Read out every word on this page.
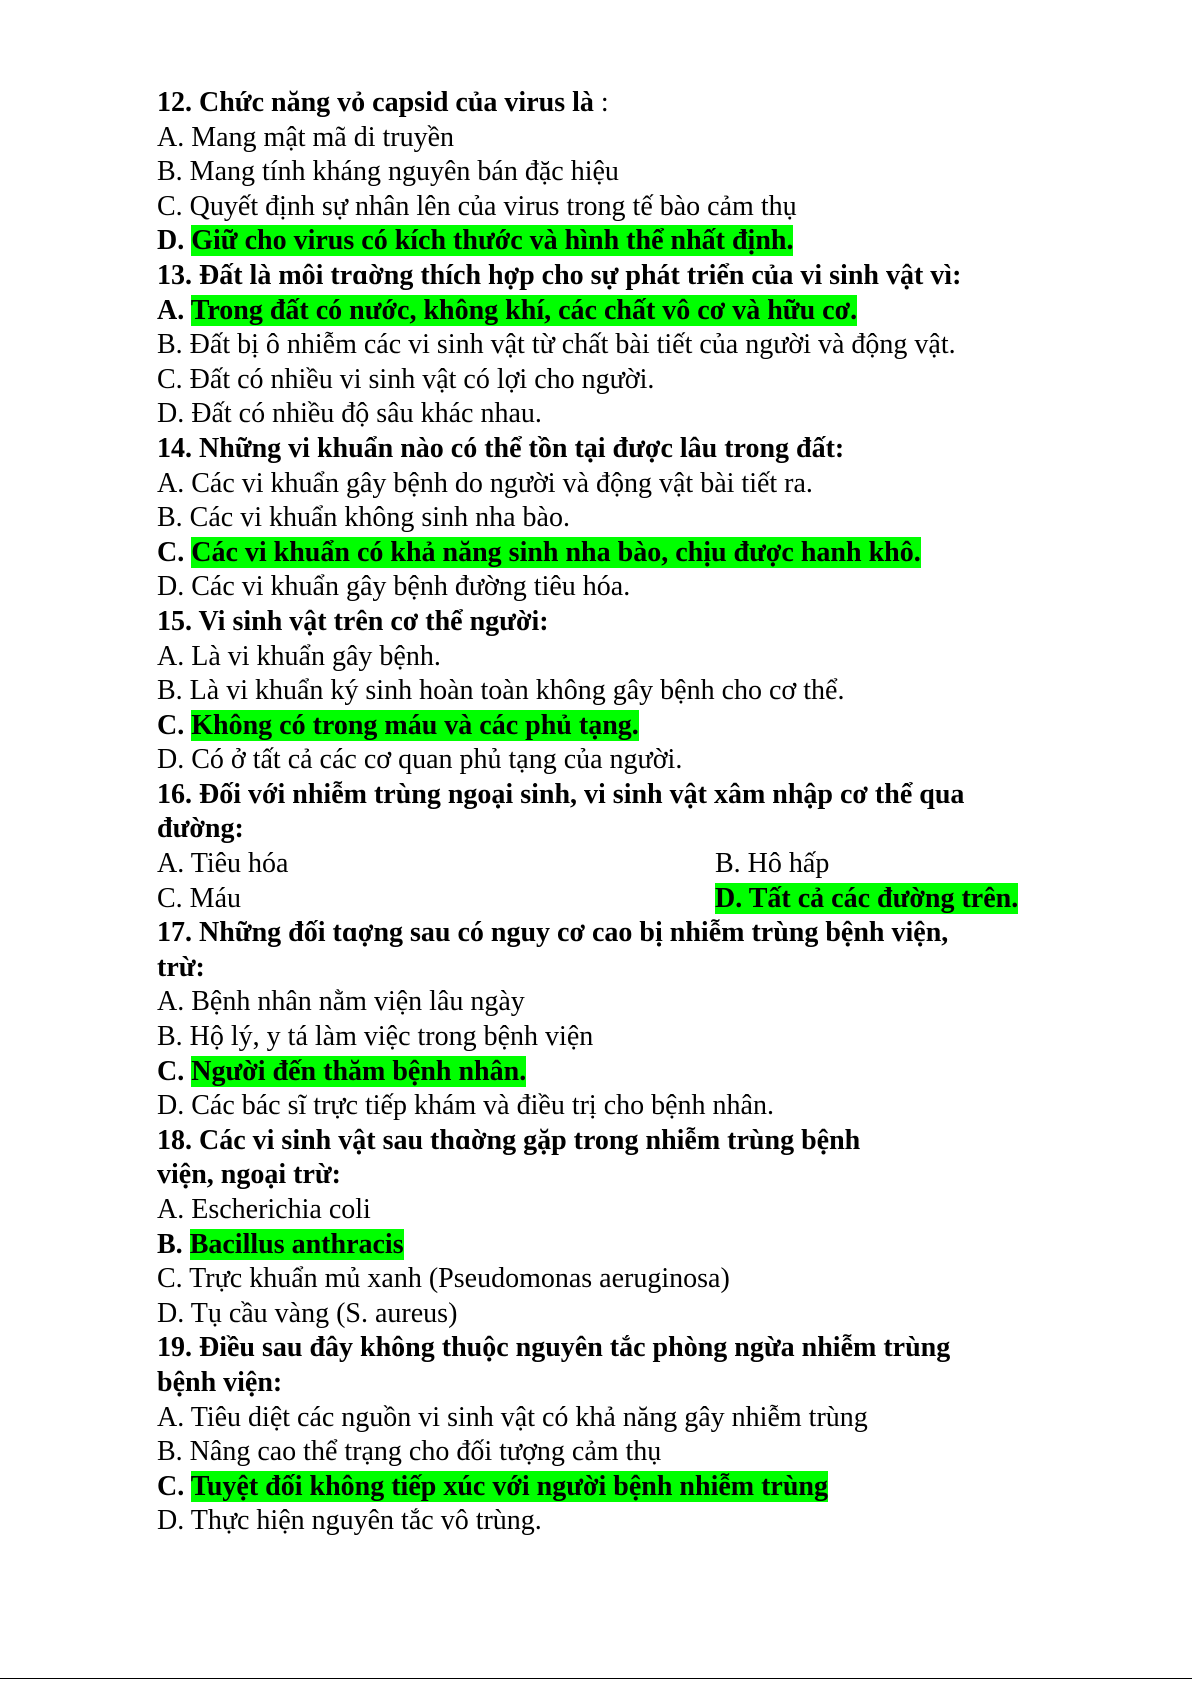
12. Chức năng vỏ capsid của virus là :
A. Mang mật mã di truyền
B. Mang tính kháng nguyên bán đặc hiệu
C. Quyết định sự nhân lên của virus trong tế bào cảm thụ
D. Giữ cho virus có kích thước và hình thể nhất định.
13. Đất là môi trɑờng thích hợp cho sự phát triển của vi sinh vật vì:
A. Trong đất có nước, không khí, các chất vô cơ và hữu cơ.
B. Đất bị ô nhiễm các vi sinh vật từ chất bài tiết của người và động vật.
C. Đất có nhiều vi sinh vật có lợi cho người.
D. Đất có nhiều độ sâu khác nhau.
14. Những vi khuẩn nào có thể tồn tại được lâu trong đất:
A. Các vi khuẩn gây bệnh do người và động vật bài tiết ra.
B. Các vi khuẩn không sinh nha bào.
C. Các vi khuẩn có khả năng sinh nha bào, chịu được hanh khô.
D. Các vi khuẩn gây bệnh đường tiêu hóa.
15. Vi sinh vật trên cơ thể người:
A. Là vi khuẩn gây bệnh.
B. Là vi khuẩn ký sinh hoàn toàn không gây bệnh cho cơ thể.
C. Không có trong máu và các phủ tạng.
D. Có ở tất cả các cơ quan phủ tạng của người.
16. Đối với nhiễm trùng ngoại sinh, vi sinh vật xâm nhập cơ thể qua
đường:
A. Tiêu hóa	B. Hô hấp
C. Máu	D. Tất cả các đường trên.
17. Những đối tɑợng sau có nguy cơ cao bị nhiễm trùng bệnh viện,
trừ:
A. Bệnh nhân nằm viện lâu ngày
B. Hộ lý, y tá làm việc trong bệnh viện
C. Người đến thăm bệnh nhân.
D. Các bác sĩ trực tiếp khám và điều trị cho bệnh nhân.
18. Các vi sinh vật sau thɑờng gặp trong nhiễm trùng bệnh
viện, ngoại trừ:
A. Escherichia coli
B. Bacillus anthracis
C. Trực khuẩn mủ xanh (Pseudomonas aeruginosa)
D. Tụ cầu vàng (S. aureus)
19. Điều sau đây không thuộc nguyên tắc phòng ngừa nhiễm trùng
bệnh viện:
A. Tiêu diệt các nguồn vi sinh vật có khả năng gây nhiễm trùng
B. Nâng cao thể trạng cho đối tượng cảm thụ
C. Tuyệt đối không tiếp xúc với người bệnh nhiễm trùng
D. Thực hiện nguyên tắc vô trùng.
